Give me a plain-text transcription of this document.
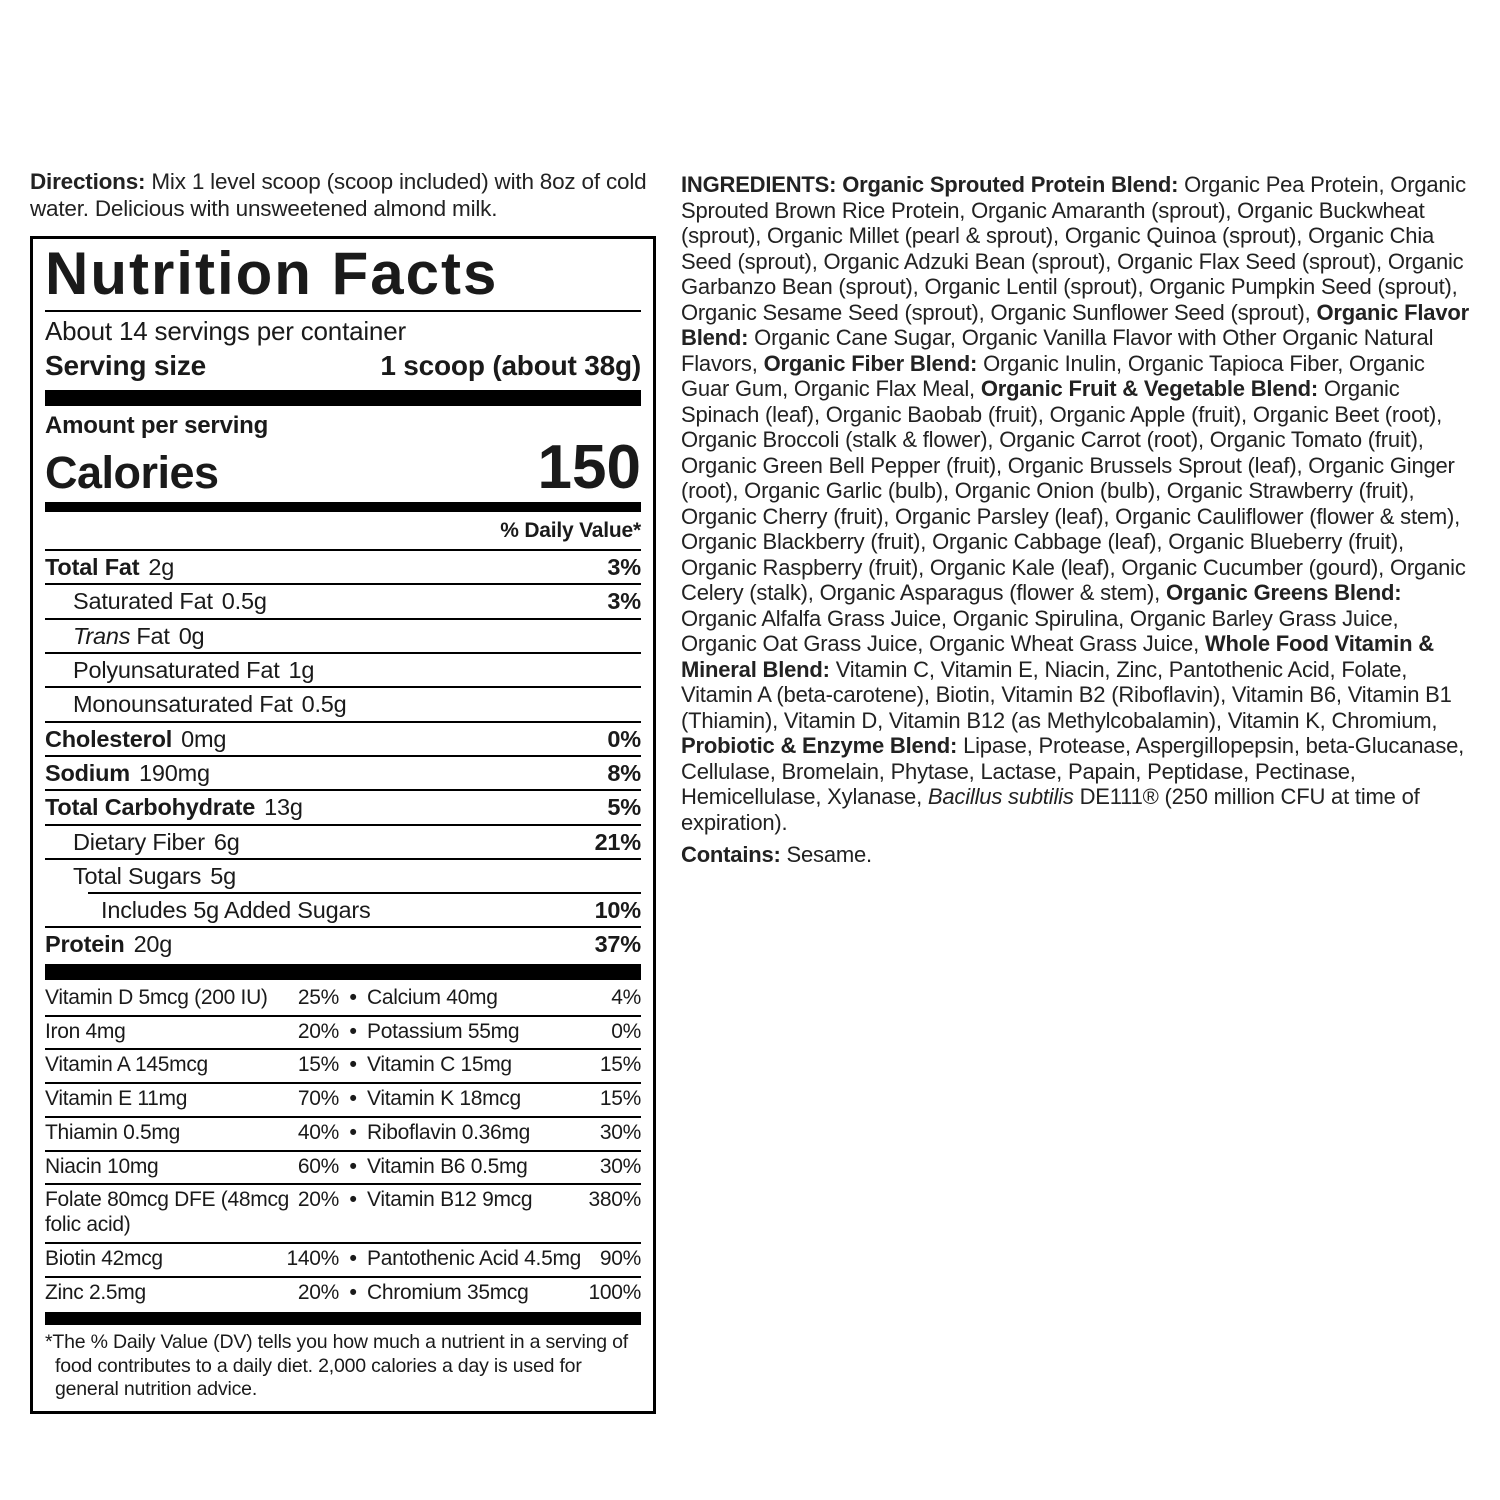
Directions: Mix 1 level scoop (scoop included) with 8oz of cold water. Delicious with unsweetened almond milk.

Nutrition Facts
About 14 servings per container
Serving size	1 scoop (about 38g)
Amount per serving
Calories	150
% Daily Value*
Total Fat 2g	3%
Saturated Fat 0.5g	3%
Trans Fat 0g
Polyunsaturated Fat 1g
Monounsaturated Fat 0.5g
Cholesterol 0mg	0%
Sodium 190mg	8%
Total Carbohydrate 13g	5%
Dietary Fiber 6g	21%
Total Sugars 5g
Includes 5g Added Sugars	10%
Protein 20g	37%
Vitamin D 5mcg (200 IU) 25% • Calcium 40mg	4%
Iron 4mg	20% • Potassium 55mg	0%
Vitamin A 145mcg	15% • Vitamin C 15mg	15%
Vitamin E 11mg	70% • Vitamin K 18mcg	15%
Thiamin 0.5mg	40% • Riboflavin 0.36mg	30%
Niacin 10mg	60% • Vitamin B6 0.5mg	30%
Folate 80mcg DFE (48mcg folic acid)
20% • Vitamin B12 9mcg	380%
Biotin 42mcg	140% • Pantothenic Acid 4.5mg 90%
Zinc 2.5mg	20% • Chromium 35mcg	100%

*The % Daily Value (DV) tells you how much a nutrient in a serving of food contributes to a daily diet. 2,000 calories a day is used for general nutrition advice.

INGREDIENTS: Organic Sprouted Protein Blend: Organic Pea Protein, Organic Sprouted Brown Rice Protein, Organic Amaranth (sprout), Organic Buckwheat (sprout), Organic Millet (pearl & sprout), Organic Quinoa (sprout), Organic Chia Seed (sprout), Organic Adzuki Bean (sprout), Organic Flax Seed (sprout), Organic Garbanzo Bean (sprout), Organic Lentil (sprout), Organic Pumpkin Seed (sprout), Organic Sesame Seed (sprout), Organic Sunflower Seed (sprout), Organic Flavor Blend: Organic Cane Sugar, Organic Vanilla Flavor with Other Organic Natural Flavors, Organic Fiber Blend: Organic Inulin, Organic Tapioca Fiber, Organic Guar Gum, Organic Flax Meal, Organic Fruit & Vegetable Blend: Organic Spinach (leaf), Organic Baobab (fruit), Organic Apple (fruit), Organic Beet (root), Organic Broccoli (stalk & flower), Organic Carrot (root), Organic Tomato (fruit), Organic Green Bell Pepper (fruit), Organic Brussels Sprout (leaf), Organic Ginger (root), Organic Garlic (bulb), Organic Onion (bulb), Organic Strawberry (fruit), Organic Cherry (fruit), Organic Parsley (leaf), Organic Cauliflower (flower & stem), Organic Blackberry (fruit), Organic Cabbage (leaf), Organic Blueberry (fruit), Organic Raspberry (fruit), Organic Kale (leaf), Organic Cucumber (gourd), Organic Celery (stalk), Organic Asparagus (flower & stem), Organic Greens Blend: Organic Alfalfa Grass Juice, Organic Spirulina, Organic Barley Grass Juice, Organic Oat Grass Juice, Organic Wheat Grass Juice, Whole Food Vitamin & Mineral Blend: Vitamin C, Vitamin E, Niacin, Zinc, Pantothenic Acid, Folate, Vitamin A (beta-carotene), Biotin, Vitamin B2 (Riboflavin), Vitamin B6, Vitamin B1 (Thiamin), Vitamin D, Vitamin B12 (as Methylcobalamin), Vitamin K, Chromium, Probiotic & Enzyme Blend: Lipase, Protease, Aspergillopepsin, beta-Glucanase, Cellulase, Bromelain, Phytase, Lactase, Papain, Peptidase, Pectinase, Hemicellulase, Xylanase, Bacillus subtilis DE111® (250 million CFU at time of expiration).

Contains: Sesame.
